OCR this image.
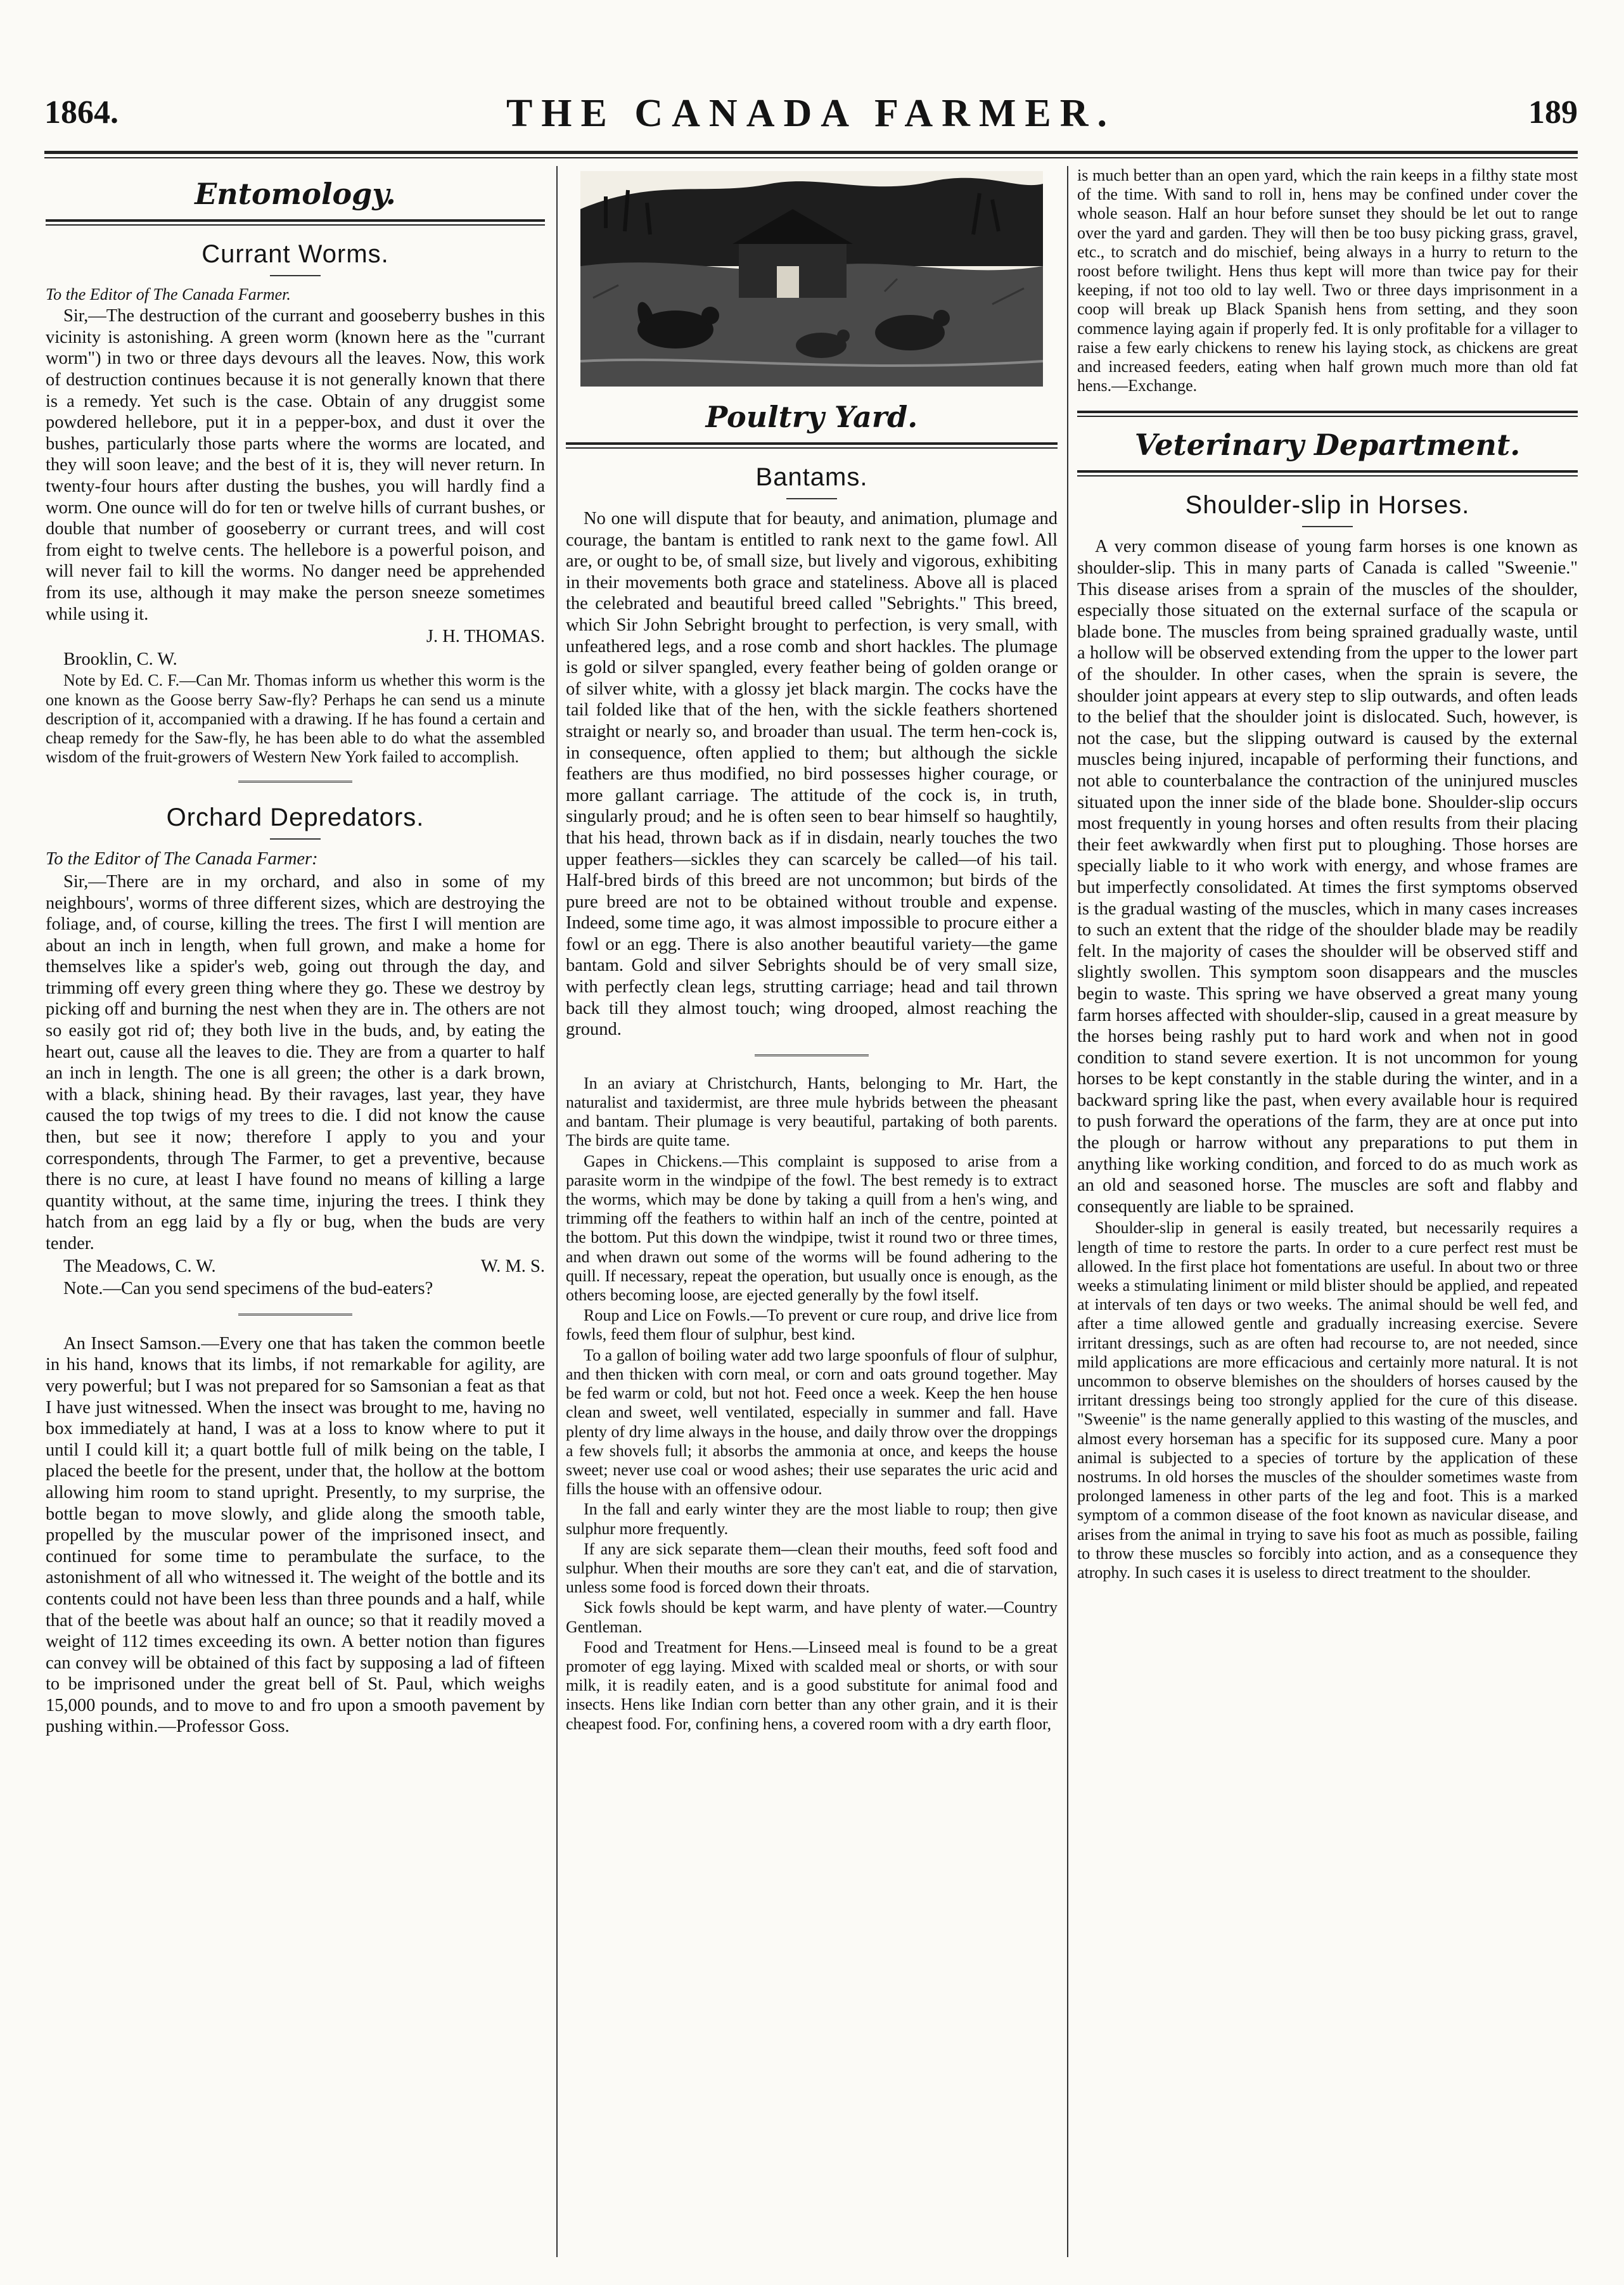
1864.	THE CANADA FARMER.	189
Entomology.
Currant Worms.

To the Editor of The Canada Farmer.

Sir,—The destruction of the currant and gooseberry bushes in this vicinity is astonishing. A green worm (known here as the "currant worm") in two or three days devours all the leaves. Now, this work of destruction continues because it is not generally known that there is a remedy. Yet such is the case. Obtain of any druggist some powdered hellebore, put it in a pepper-box, and dust it over the bushes, particularly those parts where the worms are located, and they will soon leave; and the best of it is, they will never return. In twenty-four hours after dusting the bushes, you will hardly find a worm. One ounce will do for ten or twelve hills of currant bushes, or double that number of gooseberry or currant trees, and will cost from eight to twelve cents. The hellebore is a powerful poison, and will never fail to kill the worms. No danger need be apprehended from its use, although it may make the person sneeze sometimes while using it.

J. H. THOMAS.

Brooklin, C. W.

Note by Ed. C. F.—Can Mr. Thomas inform us whether this worm is the one known as the Goose berry Saw-fly? Perhaps he can send us a minute description of it, accompanied with a drawing. If he has found a certain and cheap remedy for the Saw-fly, he has been able to do what the assembled wisdom of the fruit-growers of Western New York failed to accomplish.

Orchard Depredators.

To the Editor of The Canada Farmer:

Sir,—There are in my orchard, and also in some of my neighbours', worms of three different sizes, which are destroying the foliage, and, of course, killing the trees. The first I will mention are about an inch in length, when full grown, and make a home for themselves like a spider's web, going out through the day, and trimming off every green thing where they go. These we destroy by picking off and burning the nest when they are in. The others are not so easily got rid of; they both live in the buds, and, by eating the heart out, cause all the leaves to die. They are from a quarter to half an inch in length. The one is all green; the other is a dark brown, with a black, shining head. By their ravages, last year, they have caused the top twigs of my trees to die. I did not know the cause then, but see it now; therefore I apply to you and your correspondents, through The Farmer, to get a preventive, because there is no cure, at least I have found no means of killing a large quantity without, at the same time, injuring the trees. I think they hatch from an egg laid by a fly or bug, when the buds are very tender.

The Meadows, C. W.	W. M. S.

Note.—Can you send specimens of the bud-eaters?

An Insect Samson.—Every one that has taken the common beetle in his hand, knows that its limbs, if not remarkable for agility, are very powerful; but I was not prepared for so Samsonian a feat as that I have just witnessed. When the insect was brought to me, having no box immediately at hand, I was at a loss to know where to put it until I could kill it; a quart bottle full of milk being on the table, I placed the beetle for the present, under that, the hollow at the bottom allowing him room to stand upright. Presently, to my surprise, the bottle began to move slowly, and glide along the smooth table, propelled by the muscular power of the imprisoned insect, and continued for some time to perambulate the surface, to the astonishment of all who witnessed it. The weight of the bottle and its contents could not have been less than three pounds and a half, while that of the beetle was about half an ounce; so that it readily moved a weight of 112 times exceeding its own. A better notion than figures can convey will be obtained of this fact by supposing a lad of fifteen to be imprisoned under the great bell of St. Paul, which weighs 15,000 pounds, and to move to and fro upon a smooth pavement by pushing within.—Professor Goss.

Poultry Yard.
Bantams.

No one will dispute that for beauty, and animation, plumage and courage, the bantam is entitled to rank next to the game fowl. All are, or ought to be, of small size, but lively and vigorous, exhibiting in their movements both grace and stateliness. Above all is placed the celebrated and beautiful breed called "Sebrights." This breed, which Sir John Sebright brought to perfection, is very small, with unfeathered legs, and a rose comb and short hackles. The plumage is gold or silver spangled, every feather being of golden orange or of silver white, with a glossy jet black margin. The cocks have the tail folded like that of the hen, with the sickle feathers shortened straight or nearly so, and broader than usual. The term hen-cock is, in consequence, often applied to them; but although the sickle feathers are thus modified, no bird possesses higher courage, or more gallant carriage. The attitude of the cock is, in truth, singularly proud; and he is often seen to bear himself so haughtily, that his head, thrown back as if in disdain, nearly touches the two upper feathers—sickles they can scarcely be called—of his tail. Half-bred birds of this breed are not uncommon; but birds of the pure breed are not to be obtained without trouble and expense. Indeed, some time ago, it was almost impossible to procure either a fowl or an egg. There is also another beautiful variety—the game bantam. Gold and silver Sebrights should be of very small size, with perfectly clean legs, strutting carriage; head and tail thrown back till they almost touch; wing drooped, almost reaching the ground.

In an aviary at Christchurch, Hants, belonging to Mr. Hart, the naturalist and taxidermist, are three mule hybrids between the pheasant and bantam. Their plumage is very beautiful, partaking of both parents. The birds are quite tame.

Gapes in Chickens.—This complaint is supposed to arise from a parasite worm in the windpipe of the fowl. The best remedy is to extract the worms, which may be done by taking a quill from a hen's wing, and trimming off the feathers to within half an inch of the centre, pointed at the bottom. Put this down the windpipe, twist it round two or three times, and when drawn out some of the worms will be found adhering to the quill. If necessary, repeat the operation, but usually once is enough, as the others becoming loose, are ejected generally by the fowl itself.

Roup and Lice on Fowls.—To prevent or cure roup, and drive lice from fowls, feed them flour of sulphur, best kind.

To a gallon of boiling water add two large spoonfuls of flour of sulphur, and then thicken with corn meal, or corn and oats ground together. May be fed warm or cold, but not hot. Feed once a week. Keep the hen house clean and sweet, well ventilated, especially in summer and fall. Have plenty of dry lime always in the house, and daily throw over the droppings a few shovels full; it absorbs the ammonia at once, and keeps the house sweet; never use coal or wood ashes; their use separates the uric acid and fills the house with an offensive odour.

In the fall and early winter they are the most liable to roup; then give sulphur more frequently.

If any are sick separate them—clean their mouths, feed soft food and sulphur. When their mouths are sore they can't eat, and die of starvation, unless some food is forced down their throats.

Sick fowls should be kept warm, and have plenty of water.—Country Gentleman.

Food and Treatment for Hens.—Linseed meal is found to be a great promoter of egg laying. Mixed with scalded meal or shorts, or with sour milk, it is readily eaten, and is a good substitute for animal food and insects. Hens like Indian corn better than any other grain, and it is their cheapest food. For, confining hens, a covered room with a dry earth floor,

is much better than an open yard, which the rain keeps in a filthy state most of the time. With sand to roll in, hens may be confined under cover the whole season. Half an hour before sunset they should be let out to range over the yard and garden. They will then be too busy picking grass, gravel, etc., to scratch and do mischief, being always in a hurry to return to the roost before twilight. Hens thus kept will more than twice pay for their keeping, if not too old to lay well. Two or three days imprisonment in a coop will break up Black Spanish hens from setting, and they soon commence laying again if properly fed. It is only profitable for a villager to raise a few early chickens to renew his laying stock, as chickens are great and increased feeders, eating when half grown much more than old fat hens.—Exchange.

Veterinary Department.
Shoulder-slip in Horses.

A very common disease of young farm horses is one known as shoulder-slip. This in many parts of Canada is called "Sweenie." This disease arises from a sprain of the muscles of the shoulder, especially those situated on the external surface of the scapula or blade bone. The muscles from being sprained gradually waste, until a hollow will be observed extending from the upper to the lower part of the shoulder. In other cases, when the sprain is severe, the shoulder joint appears at every step to slip outwards, and often leads to the belief that the shoulder joint is dislocated. Such, however, is not the case, but the slipping outward is caused by the external muscles being injured, incapable of performing their functions, and not able to counterbalance the contraction of the uninjured muscles situated upon the inner side of the blade bone. Shoulder-slip occurs most frequently in young horses and often results from their placing their feet awkwardly when first put to ploughing. Those horses are specially liable to it who work with energy, and whose frames are but imperfectly consolidated. At times the first symptoms observed is the gradual wasting of the muscles, which in many cases increases to such an extent that the ridge of the shoulder blade may be readily felt. In the majority of cases the shoulder will be observed stiff and slightly swollen. This symptom soon disappears and the muscles begin to waste. This spring we have observed a great many young farm horses affected with shoulder-slip, caused in a great measure by the horses being rashly put to hard work and when not in good condition to stand severe exertion. It is not uncommon for young horses to be kept constantly in the stable during the winter, and in a backward spring like the past, when every available hour is required to push forward the operations of the farm, they are at once put into the plough or harrow without any preparations to put them in anything like working condition, and forced to do as much work as an old and seasoned horse. The muscles are soft and flabby and consequently are liable to be sprained.

Shoulder-slip in general is easily treated, but necessarily requires a length of time to restore the parts. In order to a cure perfect rest must be allowed. In the first place hot fomentations are useful. In about two or three weeks a stimulating liniment or mild blister should be applied, and repeated at intervals of ten days or two weeks. The animal should be well fed, and after a time allowed gentle and gradually increasing exercise. Severe irritant dressings, such as are often had recourse to, are not needed, since mild applications are more efficacious and certainly more natural. It is not uncommon to observe blemishes on the shoulders of horses caused by the irritant dressings being too strongly applied for the cure of this disease. "Sweenie" is the name generally applied to this wasting of the muscles, and almost every horseman has a specific for its supposed cure. Many a poor animal is subjected to a species of torture by the application of these nostrums. In old horses the muscles of the shoulder sometimes waste from prolonged lameness in other parts of the leg and foot. This is a marked symptom of a common disease of the foot known as navicular disease, and arises from the animal in trying to save his foot as much as possible, failing to throw these muscles so forcibly into action, and as a consequence they atrophy. In such cases it is useless to direct treatment to the shoulder.
